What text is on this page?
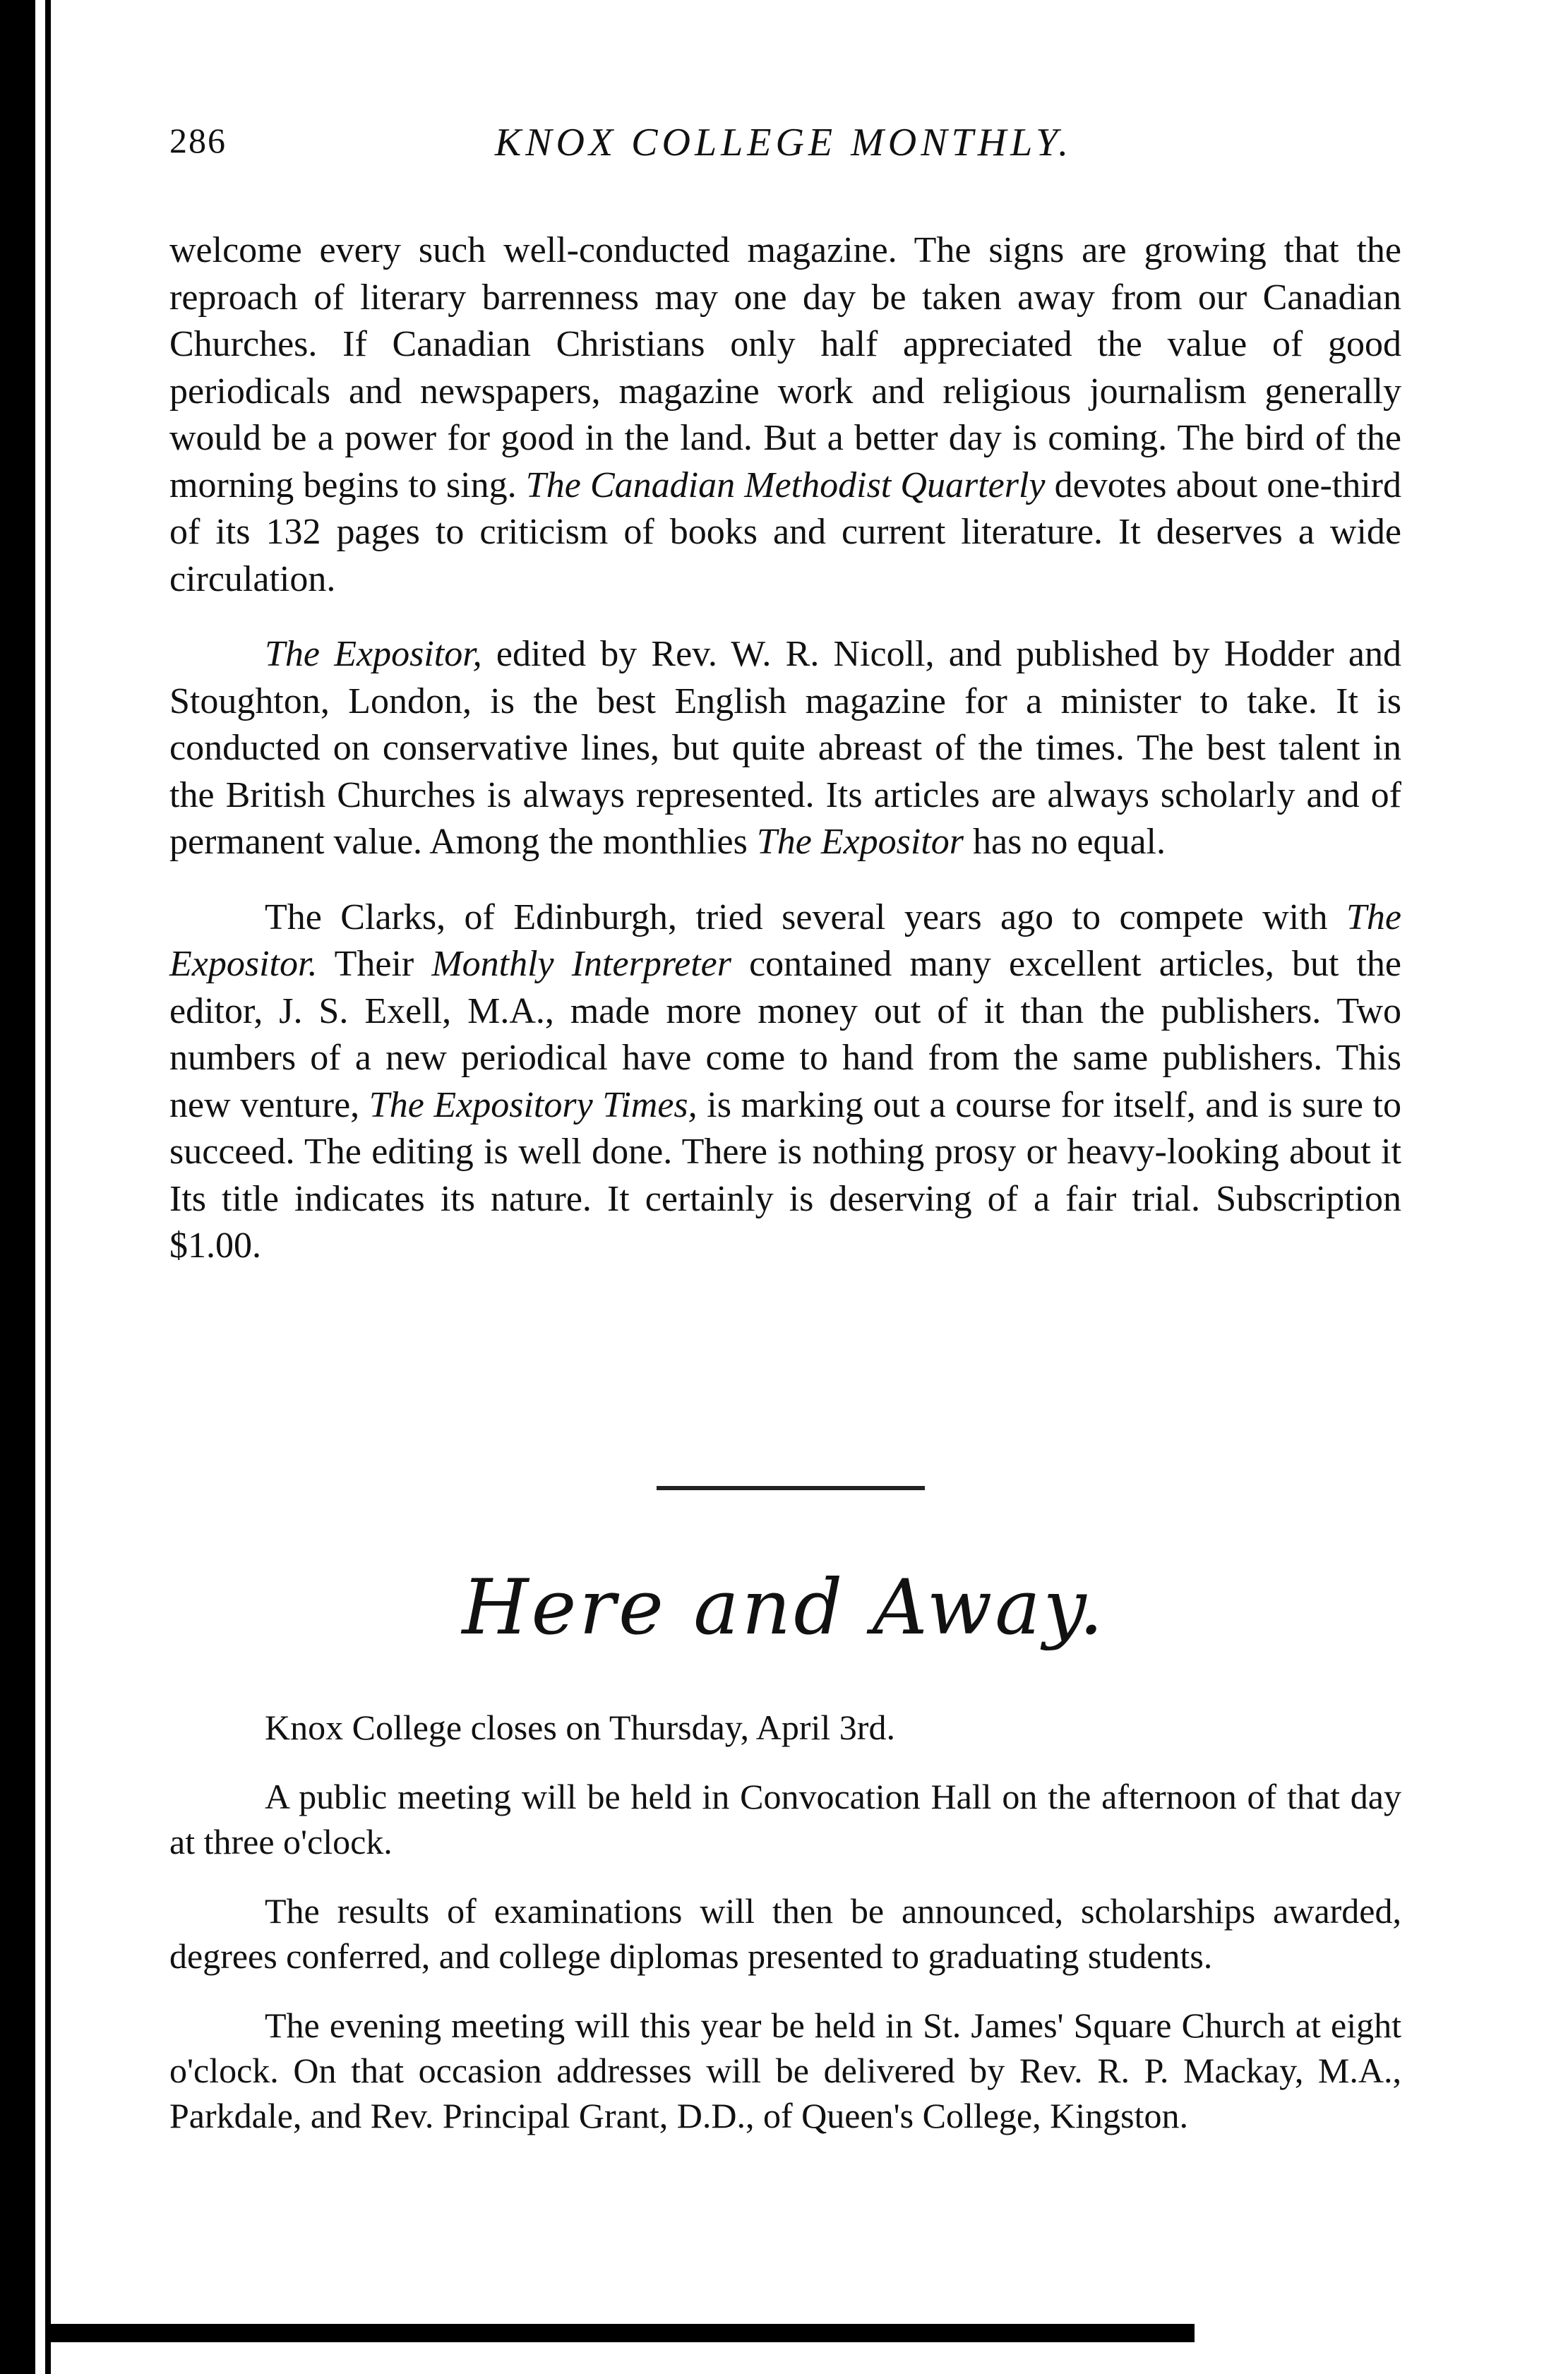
286	KNOX COLLEGE MONTHLY.

welcome every such well-conducted magazine. The signs are growing that the reproach of literary barrenness may one day be taken away from our Canadian Churches. If Canadian Christians only half appreciated the value of good periodicals and newspapers, magazine work and religious journalism generally would be a power for good in the land. But a better day is coming. The bird of the morning begins to sing. The Canadian Methodist Quarterly devotes about one-third of its 132 pages to criticism of books and current literature. It deserves a wide circulation.

The Expositor, edited by Rev. W. R. Nicoll, and published by Hodder and Stoughton, London, is the best English magazine for a minister to take. It is conducted on conservative lines, but quite abreast of the times. The best talent in the British Churches is always represented. Its articles are always scholarly and of permanent value. Among the monthlies The Expositor has no equal.

The Clarks, of Edinburgh, tried several years ago to compete with The Expositor. Their Monthly Interpreter contained many excellent articles, but the editor, J. S. Exell, M.A., made more money out of it than the publishers. Two numbers of a new periodical have come to hand from the same publishers. This new venture, The Expository Times, is marking out a course for itself, and is sure to succeed. The editing is well done. There is nothing prosy or heavy-looking about it Its title indicates its nature. It certainly is deserving of a fair trial. Subscription $1.00.

Here and Away.

Knox College closes on Thursday, April 3rd.

A public meeting will be held in Convocation Hall on the afternoon of that day at three o'clock.

The results of examinations will then be announced, scholarships awarded, degrees conferred, and college diplomas presented to graduating students.

The evening meeting will this year be held in St. James' Square Church at eight o'clock. On that occasion addresses will be delivered by Rev. R. P. Mackay, M.A., Parkdale, and Rev. Principal Grant, D.D., of Queen's College, Kingston.
